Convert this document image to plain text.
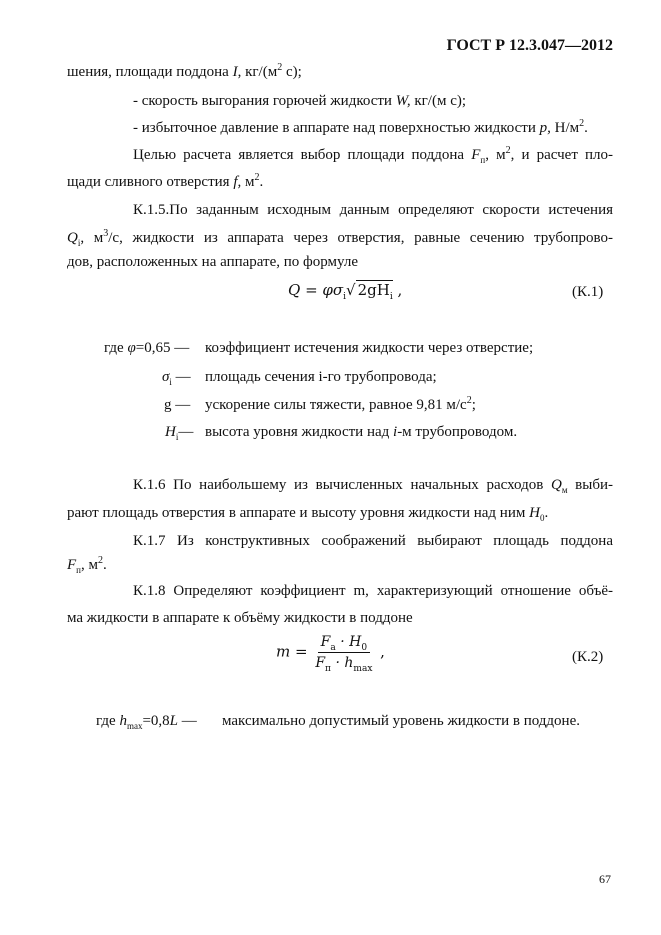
ГОСТ Р 12.3.047—2012
шения, площади поддона I, $кг/(м^2$ с);
- скорость выгорания горючей жидкости W, кг/(м с);
- избыточное давление в аппарате над поверхностью жидкости p, $Н/м^2$.
Целью расчета является выбор площади поддона $F_п$, $м^2$, и расчет пло-
щади сливного отверстия f, $м^2$.
К.1.5.По заданным исходным данным определяют скорости истечения
$Q_i$, $м^3/с$, жидкости из аппарата через отверстия, равные сечению трубопрово-
дов, расположенных на аппарате, по формуле
$Q = \varphi\sigma_i√$ $2gH_i$ ,	(К.1)
где φ=0,65 —	коэффициент истечения жидкости через отверстие;
$\sigma_i$ — площадь сечения i-го трубопровода;
g — ускорение силы тяжести, равное 9,81 $м/с^2$;
$H_i—$ высота уровня жидкости над i-м трубопроводом.
К.1.6 По наибольшему из вычисленных начальных расходов $Q_м$ выби-
рают площадь отверстия в аппарате и высоту уровня жидкости над ним $H_0$.
К.1.7 Из конструктивных соображений выбирают площадь поддона
$F_п$, $м^2$.
К.1.8 Определяют коэффициент m, характеризующий отношение объё-
ма жидкости в аппарате к объёму жидкости в поддоне
$m = \frac{F_a \cdot H_0}{F_п \cdot h_{max}}$ ,	(К.2)
где $h_{max}=0,8L$ —	максимально допустимый уровень жидкости в поддоне.
67
